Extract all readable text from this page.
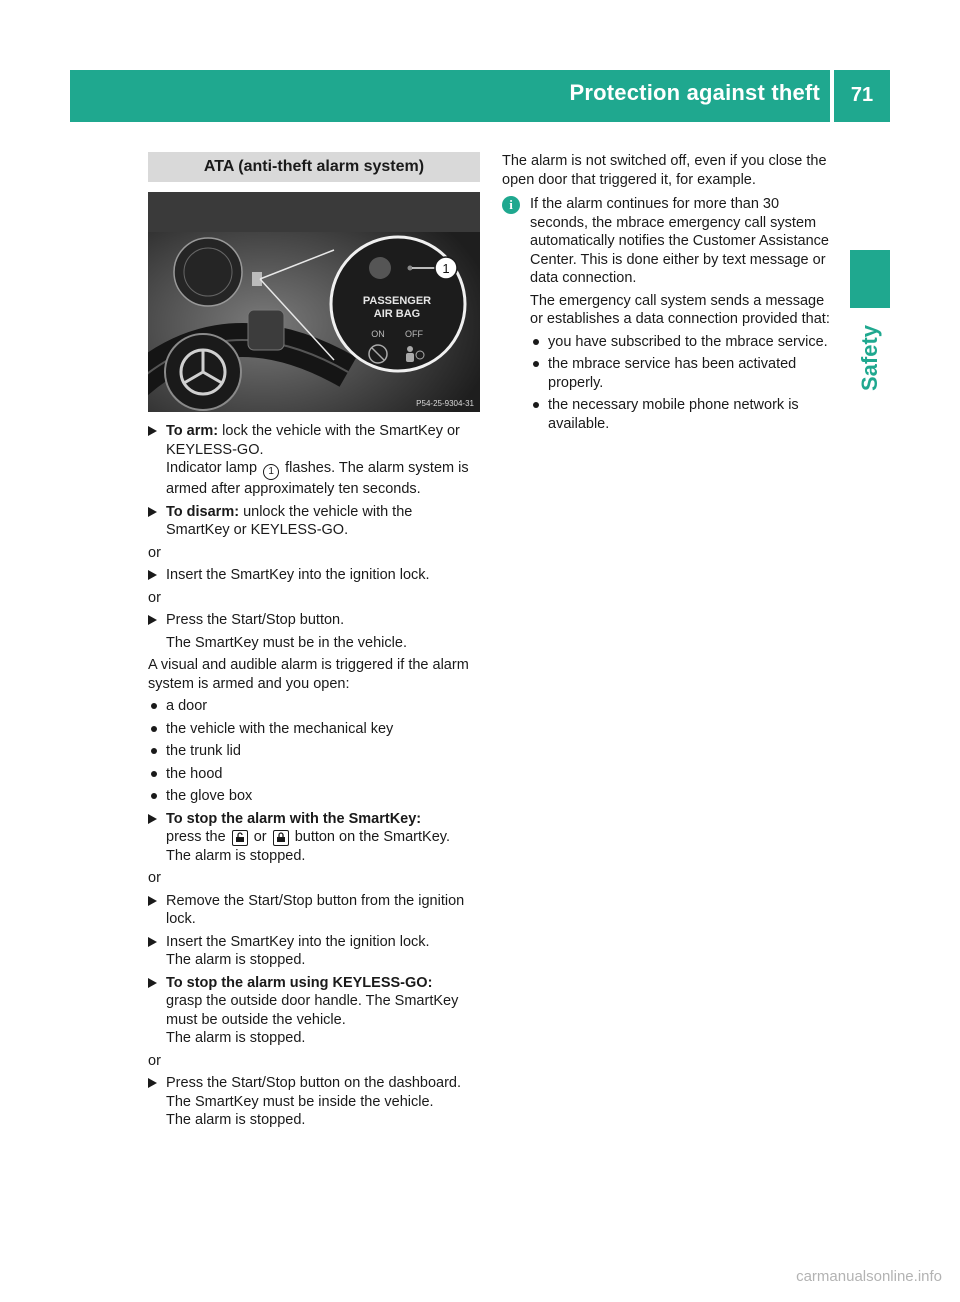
Protection against theft	71
Safety
ATA (anti-theft alarm system)
1
PASSENGER
AIR BAG
ON OFF
P54-25-9304-31
To arm: lock the vehicle with the SmartKey or KEYLESS-GO.
Indicator lamp 1 flashes. The alarm system is armed after approximately ten seconds.
To disarm: unlock the vehicle with the SmartKey or KEYLESS-GO.

or

Insert the SmartKey into the ignition lock.

or

Press the Start/Stop button.

The SmartKey must be in the vehicle.

A visual and audible alarm is triggered if the alarm system is armed and you open:

a door
the vehicle with the mechanical key
the trunk lid
the hood
the glove box
To stop the alarm with the SmartKey:
press the or button on the SmartKey.
The alarm is stopped.

or

Remove the Start/Stop button from the ignition lock.
Insert the SmartKey into the ignition lock.
The alarm is stopped.
To stop the alarm using KEYLESS-GO:
grasp the outside door handle. The SmartKey must be outside the vehicle.
The alarm is stopped.

or

Press the Start/Stop button on the dashboard. The SmartKey must be inside the vehicle.
The alarm is stopped.

The alarm is not switched off, even if you close the open door that triggered it, for example.

i	If the alarm continues for more than 30 seconds, the mbrace emergency call system automatically notifies the Customer Assistance Center. This is done either by text message or data connection.

The emergency call system sends a message or establishes a data connection provided that:

you have subscribed to the mbrace service.
the mbrace service has been activated properly.
the necessary mobile phone network is available.
carmanualsonline.info
